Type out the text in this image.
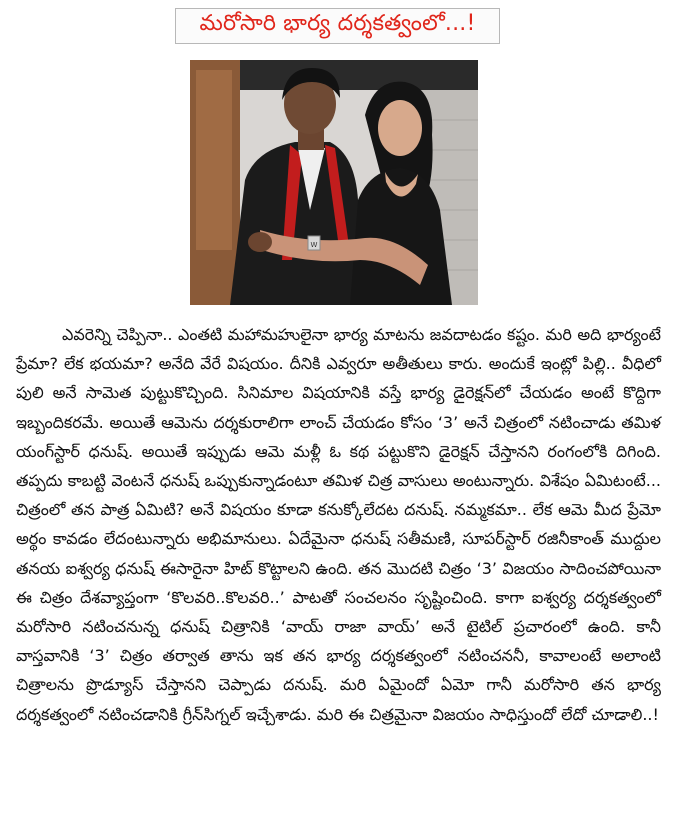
మరోసారి భార్య దర్శకత్వంలో...!
W

ఎవరెన్ని చెప్పినా.. ఎంతటి మహామహులైనా భార్య మాటను జవదాటడం కష్టం. మరి అది భార్యంటే ప్రేమా? లేక భయమా? అనేది వేరే విషయం. దీనికి ఎవ్వరూ అతీతులు కారు. అందుకే ఇంట్లో పిల్లి.. వీధిలో పులి అనే సామెత పుట్టుకొచ్చింది. సినిమాల విషయానికి వస్తే భార్య డైరెక్షన్‌లో చేయడం అంటే కొద్దిగా ఇబ్బందికరమే. అయితే ఆమెను దర్శకురాలిగా లాంచ్ చేయడం కోసం ‘3’ అనే చిత్రంలో నటించాడు తమిళ యంగ్‌స్టార్ ధనుష్. అయితే ఇప్పుడు ఆమె మళ్లీ ఓ కథ పట్టుకొని డైరెక్షన్ చేస్తానని రంగంలోకి దిగింది. తప్పదు కాబట్టి వెంటనే ధనుష్ ఒప్పుకున్నాడంటూ తమిళ చిత్ర వాసులు అంటున్నారు. విశేషం ఏమిటంటే... చిత్రంలో తన పాత్ర ఏమిటి? అనే విషయం కూడా కనుక్కోలేదట దనుష్. నమ్మకమా.. లేక ఆమె మీద ప్రేమో అర్థం కావడం లేదంటున్నారు అభిమానులు. ఏదేమైనా ధనుష్ సతీమణి, సూపర్‌స్టార్ రజినీకాంత్ ముద్దుల తనయ ఐశ్వర్య ధనుష్ ఈసారైనా హిట్ కొట్టాలని ఉంది. తన మొదటి చిత్రం ‘3’ విజయం సాదించపోయినా ఈ చిత్రం దేశవ్యాప్తంగా ‘కొలవరి..కొలవరి..’ పాటతో సంచలనం సృష్టించింది. కాగా ఐశ్వర్య దర్శకత్వంలో మరోసారి నటించనున్న ధనుష్ చిత్రానికి ‘వాయ్ రాజా వాయ్’ అనే టైటిల్ ప్రచారంలో ఉంది. కానీ వాస్తవానికి ‘3’ చిత్రం తర్వాత తాను ఇక తన భార్య దర్శకత్వంలో నటించననీ, కావాలంటే అలాంటి చిత్రాలను ప్రొడ్యూస్ చేస్తానని చెప్పాడు దనుష్. మరి ఏమైందో ఏమో గానీ మరోసారి తన భార్య దర్శకత్వంలో నటించడానికి గ్రీన్‌సిగ్నల్ ఇచ్చేశాడు. మరి ఈ చిత్రమైనా విజయం సాధిస్తుందో లేదో చూడాలి..!
